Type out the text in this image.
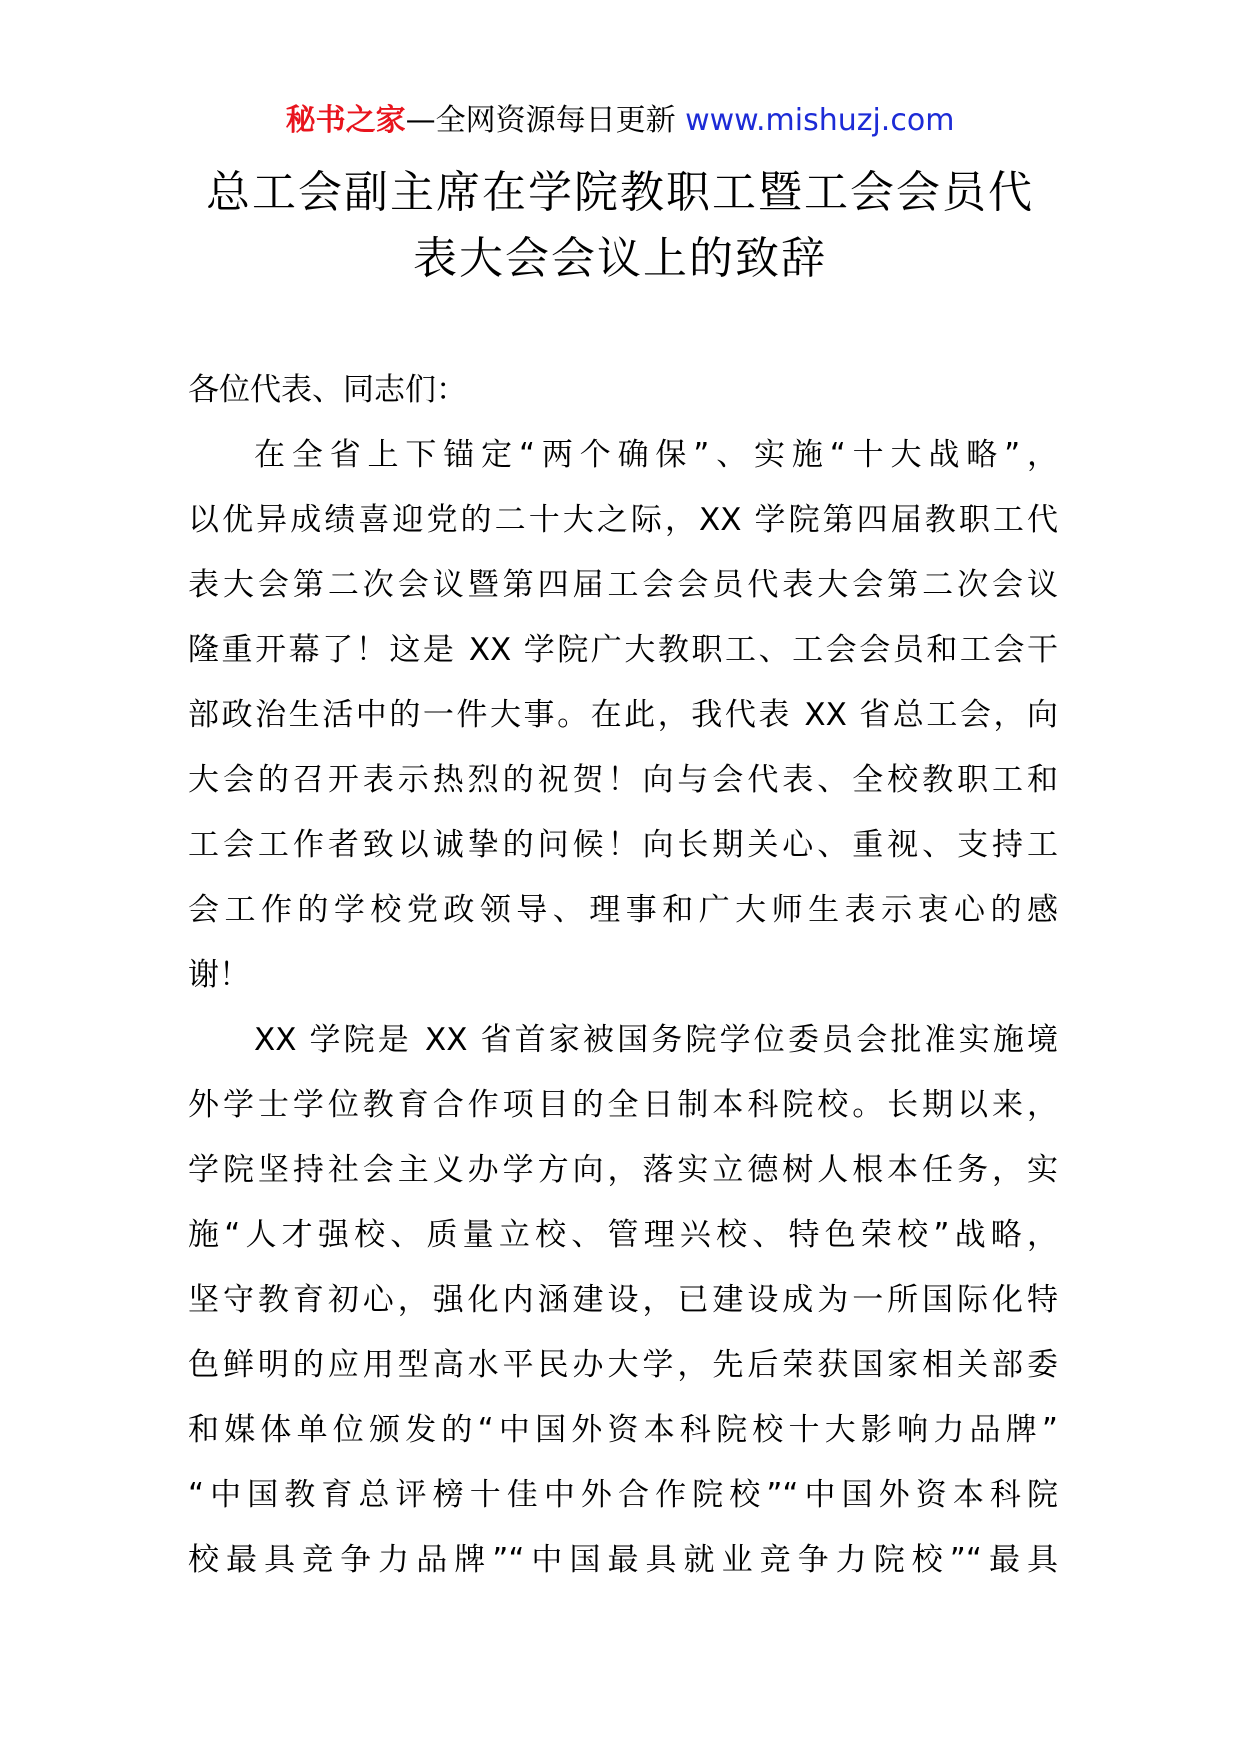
秘书之家—全网资源每日更新 www.mishuzj.com
总工会副主席在学院教职工暨工会会员代
表大会会议上的致辞
各位代表、同志们：
在全省上下锚定“两个确保”、实施“十大战略”，
以优异成绩喜迎党的二十大之际，XX 学院第四届教职工代
表大会第二次会议暨第四届工会会员代表大会第二次会议
隆重开幕了！这是 XX 学院广大教职工、工会会员和工会干
部政治生活中的一件大事。在此，我代表 XX 省总工会，向
大会的召开表示热烈的祝贺！向与会代表、全校教职工和
工会工作者致以诚挚的问候！向长期关心、重视、支持工
会工作的学校党政领导、理事和广大师生表示衷心的感
谢！
XX 学院是 XX 省首家被国务院学位委员会批准实施境
外学士学位教育合作项目的全日制本科院校。长期以来，
学院坚持社会主义办学方向，落实立德树人根本任务，实
施“人才强校、质量立校、管理兴校、特色荣校”战略，
坚守教育初心，强化内涵建设，已建设成为一所国际化特
色鲜明的应用型高水平民办大学，先后荣获国家相关部委
和媒体单位颁发的“中国外资本科院校十大影响力品牌”
“中国教育总评榜十佳中外合作院校”“中国外资本科院
校最具竞争力品牌”“中国最具就业竞争力院校”“最具
